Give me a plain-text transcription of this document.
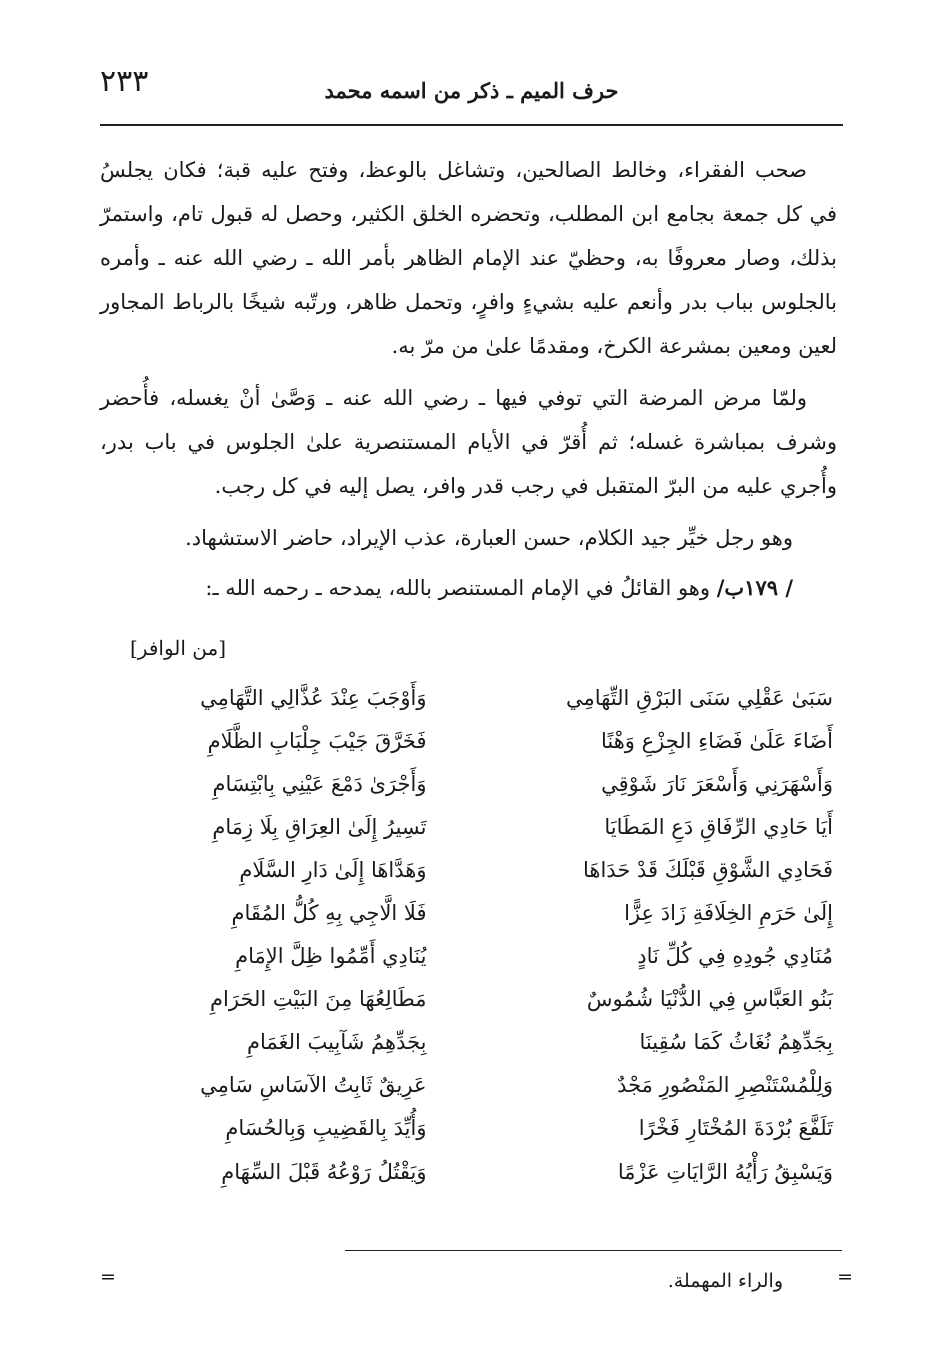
حرف الميم ـ ذكر من اسمه محمد
٢٣٣

صحب الفقراء، وخالط الصالحين، وتشاغل بالوعظ، وفتح عليه قبة؛ فكان يجلسُ في كل جمعة بجامع ابن المطلب، وتحضره الخلق الكثير، وحصل له قبول تام، واستمرّ بذلك، وصار معروفًا به، وحظيّ عند الإمام الظاهر بأمر الله ـ رضي الله عنه ـ وأمره بالجلوس بباب بدر وأنعم عليه بشيءٍ وافرٍ، وتحمل ظاهر، ورتّبه شيخًا بالرباط المجاور لعين ومعين بمشرعة الكرخ، ومقدمًا علىٰ من مرّ به.

ولمّا مرض المرضة التي توفي فيها ـ رضي الله عنه ـ وَصَّىٰ أنْ يغسله، فأُحضر وشرف بمباشرة غسله؛ ثم أُقرّ في الأيام المستنصرية علىٰ الجلوس في باب بدر، وأُجري عليه من البرّ المتقبل في رجب قدر وافر، يصل إليه في كل رجب.

وهو رجل خيِّر جيد الكلام، حسن العبارة، عذب الإيراد، حاضر الاستشهاد.

/ ١٧٩ب/ وهو القائلُ في الإمام المستنصر بالله، يمدحه ـ رحمه الله ـ:

[من الوافر]
سَبَىٰ عَقْلِي سَنَى البَرْقِ التِّهَامِي
وَأَوْجَبَ عِنْدَ عُذَّالِي التَّهَامِي
أَضَاءَ عَلَىٰ فَضَاءِ الجِزْعِ وَهْنًا
فَخَرَّقَ جَيْبَ جِلْبَابِ الظَّلَامِ
وَأَسْهَرَنِي وَأَسْعَرَ نَارَ شَوْقِي
وَأَجْرَىٰ دَمْعَ عَيْنِي بِابْتِسَامِ
أَيَا حَادِي الرِّفَاقِ دَعِ المَطَايَا
تَسِيرُ إِلَىٰ العِرَاقِ بِلَا زِمَامِ
فَحَادِي الشَّوْقِ قَبْلَكَ قَدْ حَدَاهَا
وَهَدَّاهَا إِلَىٰ دَارِ السَّلَامِ
إِلَىٰ حَرَمِ الخِلَافَةِ زَادَ عِزًّا
فَلَا الَّاجِي بِهِ كُلُّ المُقَامِ
مُنَادِي جُودِهِ فِي كُلِّ نَادٍ
يُنَادِي أَمِّمُوا ظِلَّ الإِمَامِ
بَنُو العَبَّاسِ فِي الدُّنْيَا شُمُوسٌ
مَطَالِعُهَا مِنَ البَيْتِ الحَرَامِ
بِجَدِّهِمُ نُغَاثُ كَمَا سُقِينَا
بِجَدِّهِمُ شَآبِيبَ الغَمَامِ
وَلِلْمُسْتَنْصِرِ المَنْصُورِ مَجْدٌ
عَرِيقٌ ثَابِتُ الآسَاسِ سَامِي
تَلَفَّعَ بُرْدَةَ المُخْتَارِ فَخْرًا
وَأُيِّدَ بِالقَضِيبِ وَبِالحُسَامِ
وَيَسْبِقُ رَأْيُهُ الرَّايَاتِ عَزْمًا
وَيَقْتُلُ رَوْعُهُ قَبْلَ السِّهَامِ
=
والراء المهملة.
=
